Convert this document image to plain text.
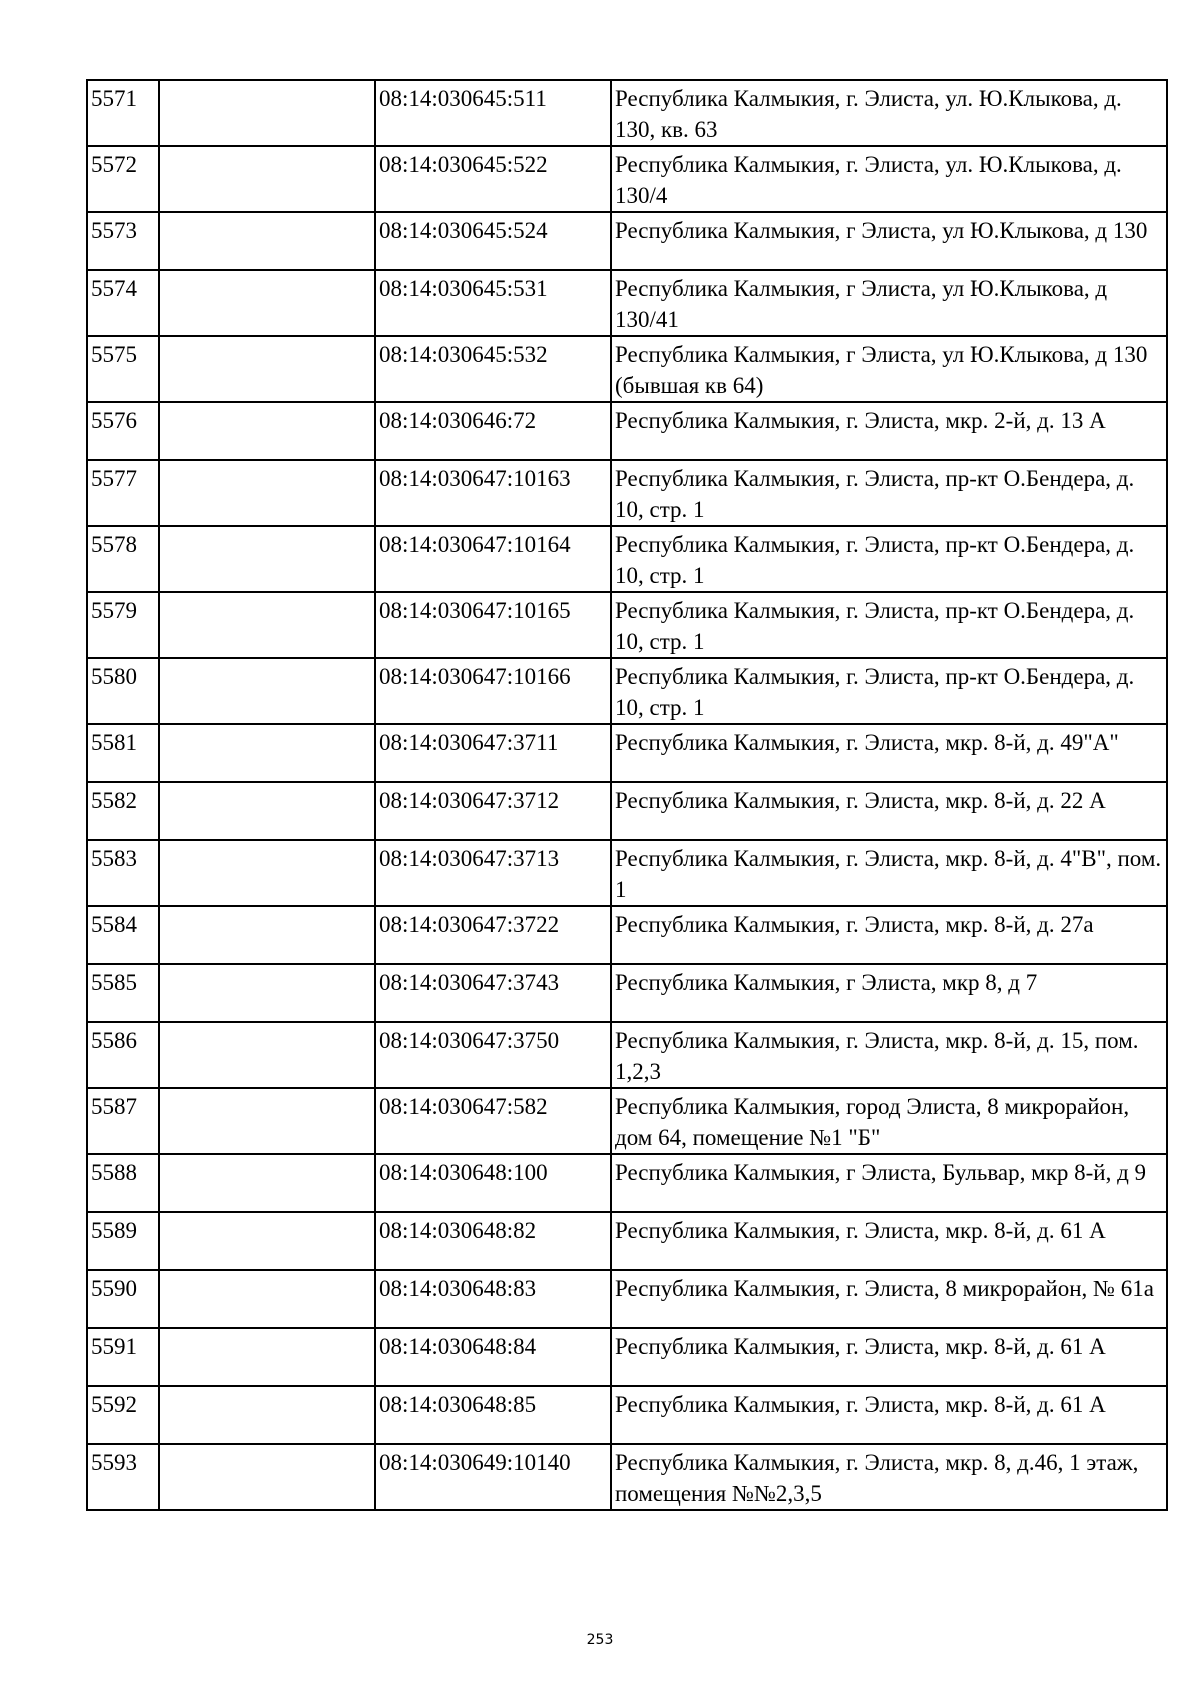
5571		08:14:030645:511	Республика Калмыкия, г. Элиста, ул. Ю.Клыкова, д. 130, кв. 63
5572		08:14:030645:522	Республика Калмыкия, г. Элиста, ул. Ю.Клыкова, д. 130/4
5573		08:14:030645:524	Республика Калмыкия, г Элиста, ул Ю.Клыкова, д 130
5574		08:14:030645:531	Республика Калмыкия, г Элиста, ул Ю.Клыкова, д 130/41
5575		08:14:030645:532	Республика Калмыкия, г Элиста, ул Ю.Клыкова, д 130 (бывшая кв 64)
5576		08:14:030646:72	Республика Калмыкия, г. Элиста, мкр. 2-й, д. 13 А
5577		08:14:030647:10163	Республика Калмыкия, г. Элиста, пр-кт О.Бендера, д. 10, стр. 1
5578		08:14:030647:10164	Республика Калмыкия, г. Элиста, пр-кт О.Бендера, д. 10, стр. 1
5579		08:14:030647:10165	Республика Калмыкия, г. Элиста, пр-кт О.Бендера, д. 10, стр. 1
5580		08:14:030647:10166	Республика Калмыкия, г. Элиста, пр-кт О.Бендера, д. 10, стр. 1
5581		08:14:030647:3711	Республика Калмыкия, г. Элиста, мкр. 8-й, д. 49"А"
5582		08:14:030647:3712	Республика Калмыкия, г. Элиста, мкр. 8-й, д. 22 А
5583		08:14:030647:3713	Республика Калмыкия, г. Элиста, мкр. 8-й, д. 4"В", пом. 1
5584		08:14:030647:3722	Республика Калмыкия, г. Элиста, мкр. 8-й, д. 27а
5585		08:14:030647:3743	Республика Калмыкия, г Элиста, мкр 8, д 7
5586		08:14:030647:3750	Республика Калмыкия, г. Элиста, мкр. 8-й, д. 15, пом. 1,2,3
5587		08:14:030647:582	Республика Калмыкия, город Элиста, 8 микрорайон, дом 64, помещение №1 "Б"
5588		08:14:030648:100	Республика Калмыкия, г Элиста, Бульвар, мкр 8-й, д 9
5589		08:14:030648:82	Республика Калмыкия, г. Элиста, мкр. 8-й, д. 61 А
5590		08:14:030648:83	Республика Калмыкия, г. Элиста, 8 микрорайон, № 61а
5591		08:14:030648:84	Республика Калмыкия, г. Элиста, мкр. 8-й, д. 61 А
5592		08:14:030648:85	Республика Калмыкия, г. Элиста, мкр. 8-й, д. 61 А
5593		08:14:030649:10140	Республика Калмыкия, г. Элиста, мкр. 8, д.46, 1 этаж, помещения №№2,3,5
253
